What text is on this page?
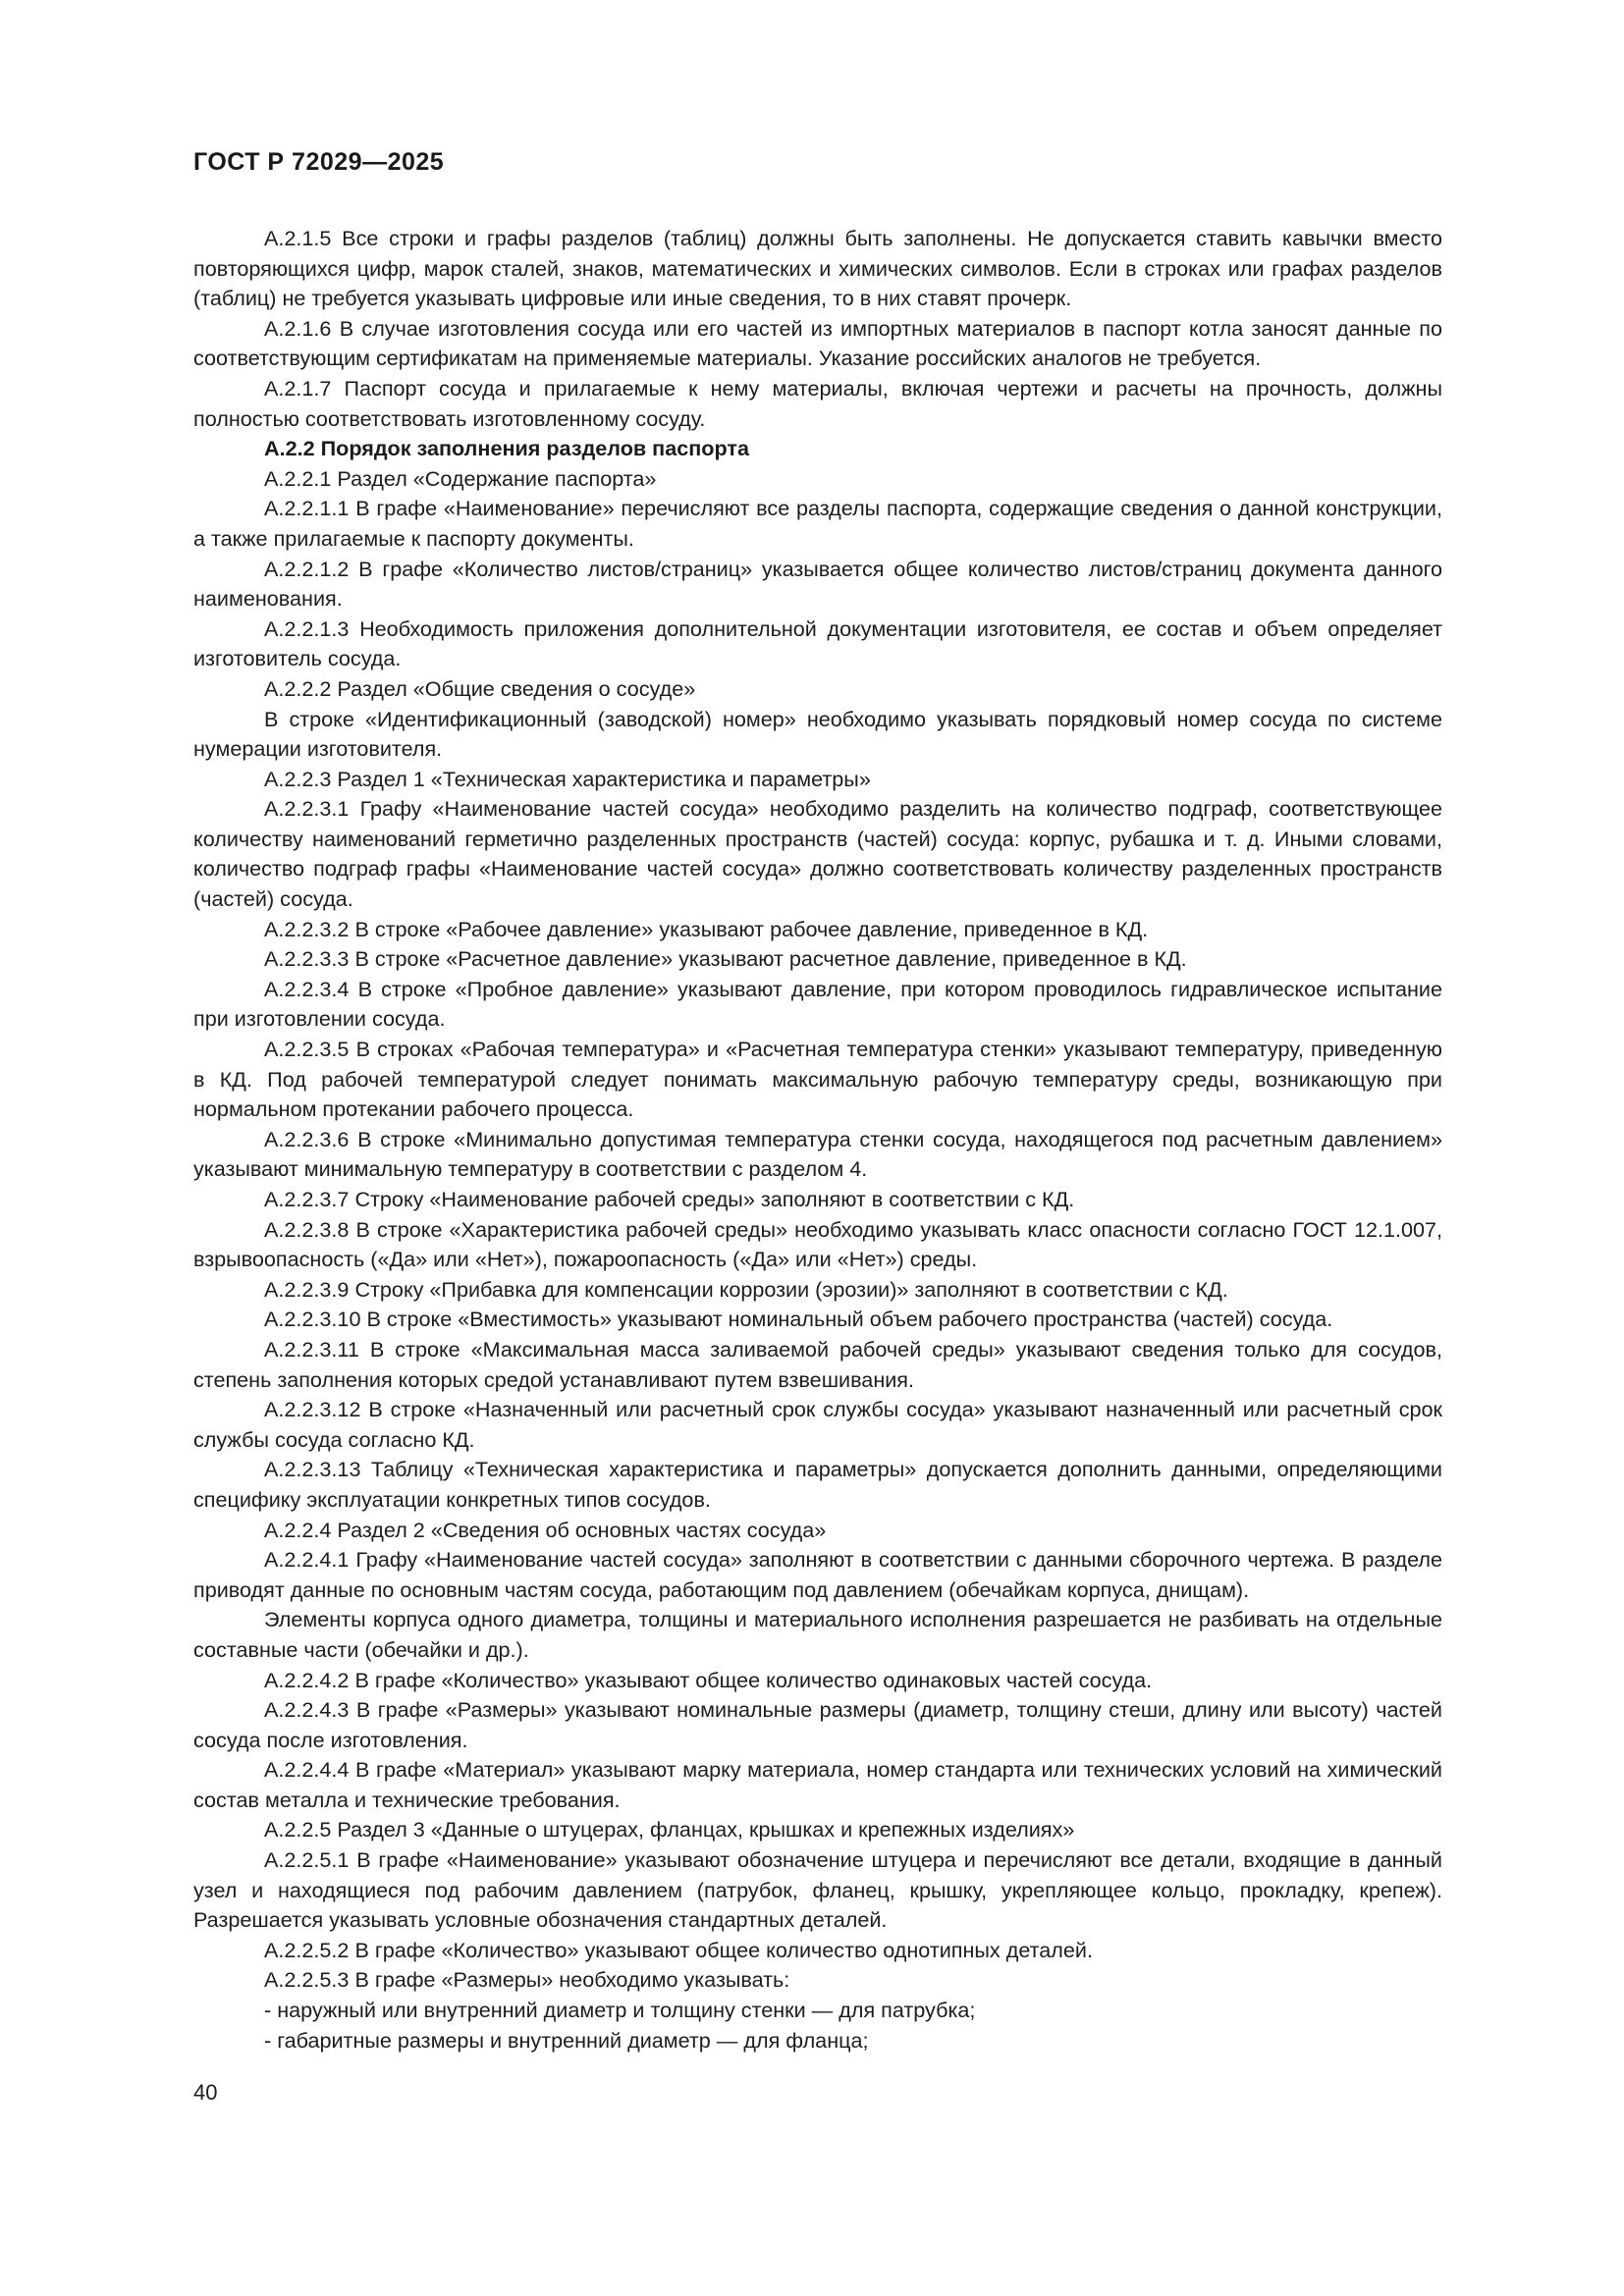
ГОСТ Р 72029—2025

А.2.1.5 Все строки и графы разделов (таблиц) должны быть заполнены. Не допускается ставить кавычки вместо повторяющихся цифр, марок сталей, знаков, математических и химических символов. Если в строках или графах разделов (таблиц) не требуется указывать цифровые или иные сведения, то в них ставят прочерк.

А.2.1.6 В случае изготовления сосуда или его частей из импортных материалов в паспорт котла заносят данные по соответствующим сертификатам на применяемые материалы. Указание российских аналогов не требуется.

А.2.1.7 Паспорт сосуда и прилагаемые к нему материалы, включая чертежи и расчеты на прочность, должны полностью соответствовать изготовленному сосуду.

А.2.2 Порядок заполнения разделов паспорта

А.2.2.1 Раздел «Содержание паспорта»

А.2.2.1.1 В графе «Наименование» перечисляют все разделы паспорта, содержащие сведения о данной конструкции, а также прилагаемые к паспорту документы.

А.2.2.1.2 В графе «Количество листов/страниц» указывается общее количество листов/страниц документа данного наименования.

А.2.2.1.3 Необходимость приложения дополнительной документации изготовителя, ее состав и объем определяет изготовитель сосуда.

А.2.2.2 Раздел «Общие сведения о сосуде»

В строке «Идентификационный (заводской) номер» необходимо указывать порядковый номер сосуда по системе нумерации изготовителя.

А.2.2.3 Раздел 1 «Техническая характеристика и параметры»

А.2.2.3.1 Графу «Наименование частей сосуда» необходимо разделить на количество подграф, соответствующее количеству наименований герметично разделенных пространств (частей) сосуда: корпус, рубашка и т. д. Иными словами, количество подграф графы «Наименование частей сосуда» должно соответствовать количеству разделенных пространств (частей) сосуда.

А.2.2.3.2 В строке «Рабочее давление» указывают рабочее давление, приведенное в КД.

А.2.2.3.3 В строке «Расчетное давление» указывают расчетное давление, приведенное в КД.

А.2.2.3.4 В строке «Пробное давление» указывают давление, при котором проводилось гидравлическое испытание при изготовлении сосуда.

А.2.2.3.5 В строках «Рабочая температура» и «Расчетная температура стенки» указывают температуру, приведенную в КД. Под рабочей температурой следует понимать максимальную рабочую температуру среды, возникающую при нормальном протекании рабочего процесса.

А.2.2.3.6 В строке «Минимально допустимая температура стенки сосуда, находящегося под расчетным давлением» указывают минимальную температуру в соответствии с разделом 4.

А.2.2.3.7 Строку «Наименование рабочей среды» заполняют в соответствии с КД.

А.2.2.3.8 В строке «Характеристика рабочей среды» необходимо указывать класс опасности согласно ГОСТ 12.1.007, взрывоопасность («Да» или «Нет»), пожароопасность («Да» или «Нет») среды.

А.2.2.3.9 Строку «Прибавка для компенсации коррозии (эрозии)» заполняют в соответствии с КД.

А.2.2.3.10 В строке «Вместимость» указывают номинальный объем рабочего пространства (частей) сосуда.

А.2.2.3.11 В строке «Максимальная масса заливаемой рабочей среды» указывают сведения только для сосудов, степень заполнения которых средой устанавливают путем взвешивания.

А.2.2.3.12 В строке «Назначенный или расчетный срок службы сосуда» указывают назначенный или расчетный срок службы сосуда согласно КД.

А.2.2.3.13 Таблицу «Техническая характеристика и параметры» допускается дополнить данными, определяющими специфику эксплуатации конкретных типов сосудов.

А.2.2.4 Раздел 2 «Сведения об основных частях сосуда»

А.2.2.4.1 Графу «Наименование частей сосуда» заполняют в соответствии с данными сборочного чертежа. В разделе приводят данные по основным частям сосуда, работающим под давлением (обечайкам корпуса, днищам).

Элементы корпуса одного диаметра, толщины и материального исполнения разрешается не разбивать на отдельные составные части (обечайки и др.).

А.2.2.4.2 В графе «Количество» указывают общее количество одинаковых частей сосуда.

А.2.2.4.3 В графе «Размеры» указывают номинальные размеры (диаметр, толщину стеши, длину или высоту) частей сосуда после изготовления.

А.2.2.4.4 В графе «Материал» указывают марку материала, номер стандарта или технических условий на химический состав металла и технические требования.

А.2.2.5 Раздел 3 «Данные о штуцерах, фланцах, крышках и крепежных изделиях»

А.2.2.5.1 В графе «Наименование» указывают обозначение штуцера и перечисляют все детали, входящие в данный узел и находящиеся под рабочим давлением (патрубок, фланец, крышку, укрепляющее кольцо, прокладку, крепеж). Разрешается указывать условные обозначения стандартных деталей.

А.2.2.5.2 В графе «Количество» указывают общее количество однотипных деталей.

А.2.2.5.3 В графе «Размеры» необходимо указывать:

- наружный или внутренний диаметр и толщину стенки — для патрубка;

- габаритные размеры и внутренний диаметр — для фланца;

40
